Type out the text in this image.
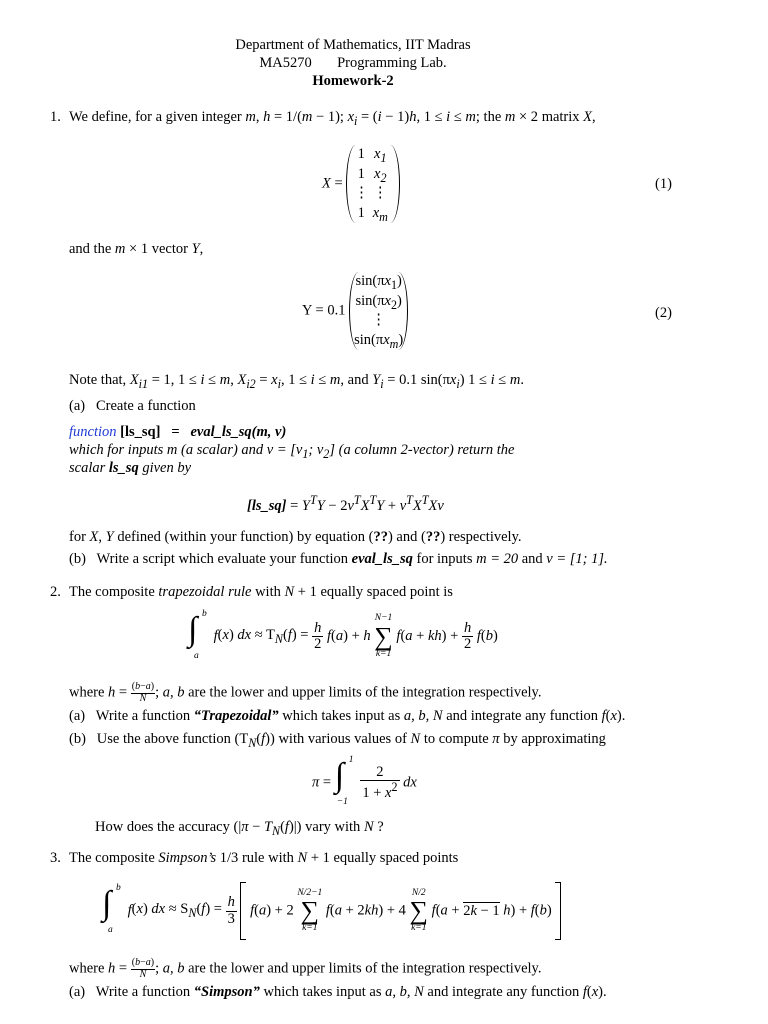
Department of Mathematics, IIT Madras
MA5270 Programming Lab.
Homework-2
1. We define, for a given integer m, h = 1/(m − 1); $x_i = (i - 1)h$, 1 ≤ i ≤ m; the m × 2 matrix X,
X =
1 $x_1$
1 $x_2$
⋮ ⋮
1 $x_m$
(1)
and the m × 1 vector Y,
Y = 0.1
$\sin(\pi x_1)$
$\sin(\pi x_2)$
⋮
$\sin(\pi x_m)$
(2)
Note that, $X_{i1} = 1$, 1 ≤ i ≤ m, $X_{i2} = x_i$, 1 ≤ i ≤ m, and $Y_i = 0.1$ $\sin(\pi x_i) 1 \le i \le m$.
(a) Create a function
function [ls_sq] = eval_ls_sq(m, v)
which for inputs m (a scalar) and $v = [v_1$; $v_2$] (a column 2-vector) return the
scalar ls_sq given by
[ls_sq] = $Y^TY - 2v^TX^TY + v^TX^TXv$
for X, Y defined (within your function) by equation (??) and (??) respectively.
(b) Write a script which evaluate your function eval_ls_sq for inputs m = 20 and v = [1; 1].
2. The composite trapezoidal rule with N + 1 equally spaced point is
∫ b
a
f(x) dx ≈ $T_N(f) = \frac{h}{2} f(a) + h$
N−1
∑
k=1
$f(a + kh) + \frac{h}{2} f(b)$
where $h = \frac{(b-a)}{N}$ ; a, b are the lower and upper limits of the integration respectively.
(a) Write a function “Trapezoidal” which takes input as a, b, N and integrate any function f(x).
(b) Use the above function $(T_N(f))$ with various values of N to compute π by approximating
π = ∫ 1
−1

$\frac{2}{1 + x^2}$ dx
How does the accuracy $(|\pi - T_N(f)|)$ vary with N ?
3. The composite Simpson’s 1/3 rule with N + 1 equally spaced points
∫ b
a
f(x) dx ≈ $S_N(f) = \frac{h}{3} f(a) + 2$
N/2−1
∑
k=1
f(a + 2kh) + 4
N/2
∑
k=1
f(a + 2k − 1 h) + f(b)
where $h = \frac{(b-a)}{N}$ ; a, b are the lower and upper limits of the integration respectively.
(a) Write a function “Simpson” which takes input as a, b, N and integrate any function f(x).
